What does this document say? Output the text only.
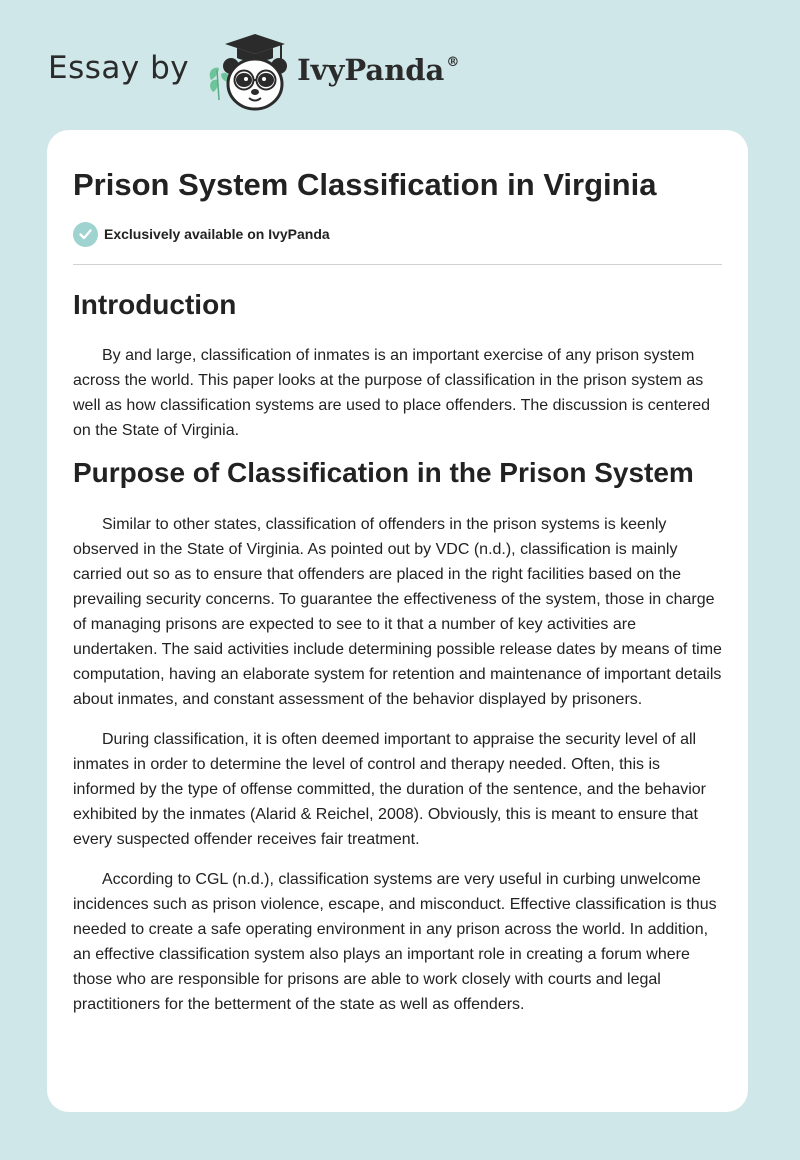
Essay by	IvyPanda ®
Prison System Classification in Virginia
Exclusively available on IvyPanda
Introduction

By and large, classification of inmates is an important exercise of any prison system across the world. This paper looks at the purpose of classification in the prison system as well as how classification systems are used to place offenders. The discussion is centered on the State of Virginia.

Purpose of Classification in the Prison System

Similar to other states, classification of offenders in the prison systems is keenly observed in the State of Virginia. As pointed out by VDC (n.d.), classification is mainly carried out so as to ensure that offenders are placed in the right facilities based on the prevailing security concerns. To guarantee the effectiveness of the system, those in charge of managing prisons are expected to see to it that a number of key activities are undertaken. The said activities include determining possible release dates by means of time computation, having an elaborate system for retention and maintenance of important details about inmates, and constant assessment of the behavior displayed by prisoners.

During classification, it is often deemed important to appraise the security level of all inmates in order to determine the level of control and therapy needed. Often, this is informed by the type of offense committed, the duration of the sentence, and the behavior exhibited by the inmates (Alarid & Reichel, 2008). Obviously, this is meant to ensure that every suspected offender receives fair treatment.

According to CGL (n.d.), classification systems are very useful in curbing unwelcome incidences such as prison violence, escape, and misconduct. Effective classification is thus needed to create a safe operating environment in any prison across the world. In addition, an effective classification system also plays an important role in creating a forum where those who are responsible for prisons are able to work closely with courts and legal practitioners for the betterment of the state as well as offenders.
